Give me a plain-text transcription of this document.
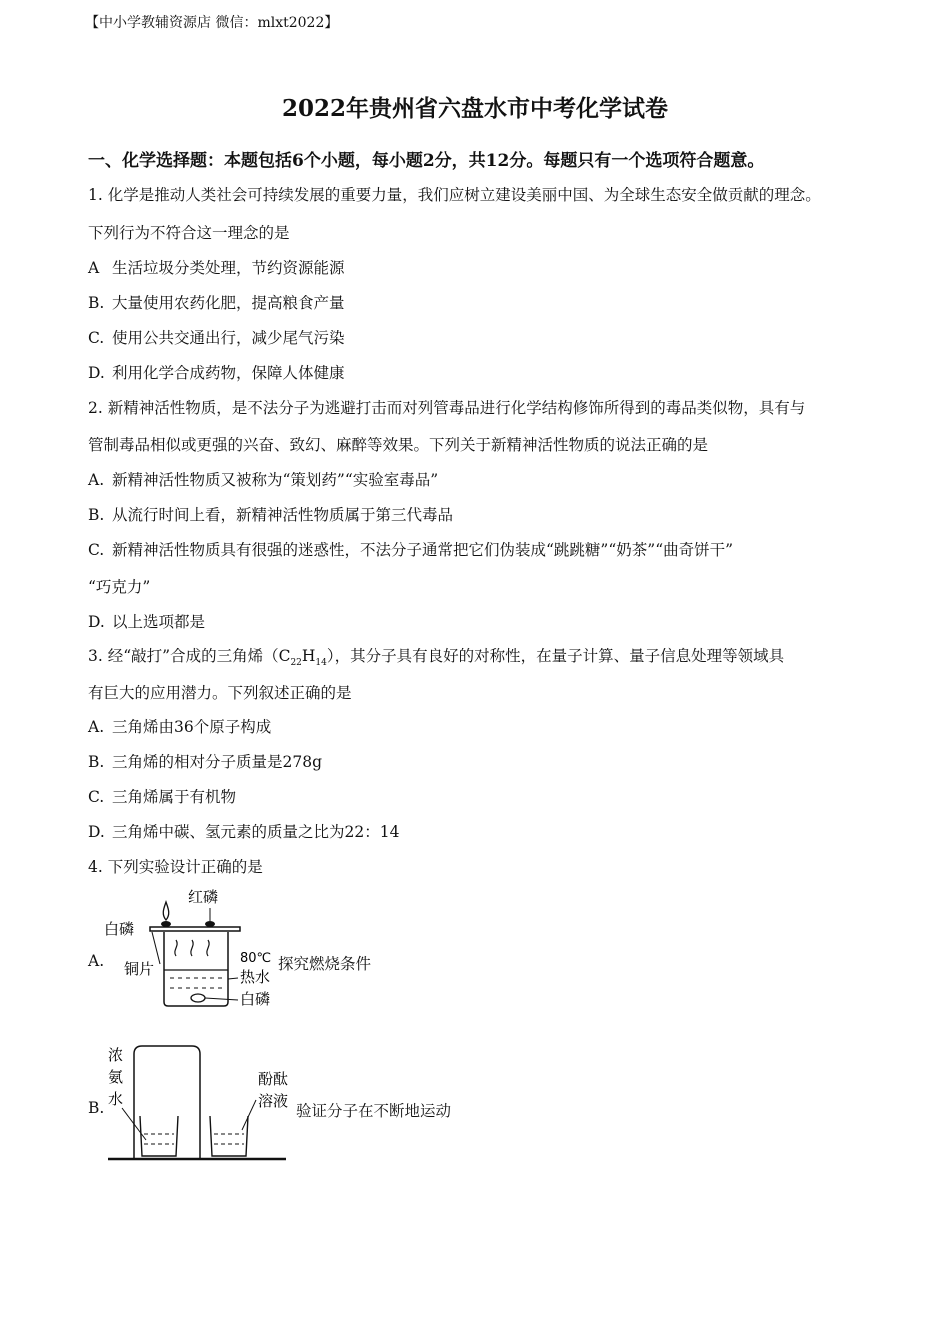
【中小学教辅资源店 微信：mlxt2022】
2022年贵州省六盘水市中考化学试卷
一、化学选择题：本题包括6个小题，每小题2分，共12分。每题只有一个选项符合题意。
1. 化学是推动人类社会可持续发展的重要力量，我们应树立建设美丽中国、为全球生态安全做贡献的理念。
下列行为不符合这一理念的是
A 生活垃圾分类处理，节约资源能源
B. 大量使用农药化肥，提高粮食产量
C. 使用公共交通出行，减少尾气污染
D. 利用化学合成药物，保障人体健康
2. 新精神活性物质，是不法分子为逃避打击而对列管毒品进行化学结构修饰所得到的毒品类似物，具有与
管制毒品相似或更强的兴奋、致幻、麻醉等效果。下列关于新精神活性物质的说法正确的是
A. 新精神活性物质又被称为“策划药”“实验室毒品”
B. 从流行时间上看，新精神活性物质属于第三代毒品
C. 新精神活性物质具有很强的迷惑性，不法分子通常把它们伪装成“跳跳糖”“奶茶”“曲奇饼干”
“巧克力”
D. 以上选项都是
3. 经“敲打”合成的三角烯$(C_{22}H_{14})$，其分子具有良好的对称性，在量子计算、量子信息处理等领域具
有巨大的应用潜力。下列叙述正确的是
A. 三角烯由36个原子构成
B. 三角烯的相对分子质量是278g
C. 三角烯属于有机物
D. 三角烯中碳、氢元素的质量之比为22：14
4. 下列实验设计正确的是
A.
红磷
白磷
铜片
80℃
热水
白磷
探究燃烧条件
B.
浓
氨
水
酚酞
溶液
验证分子在不断地运动
